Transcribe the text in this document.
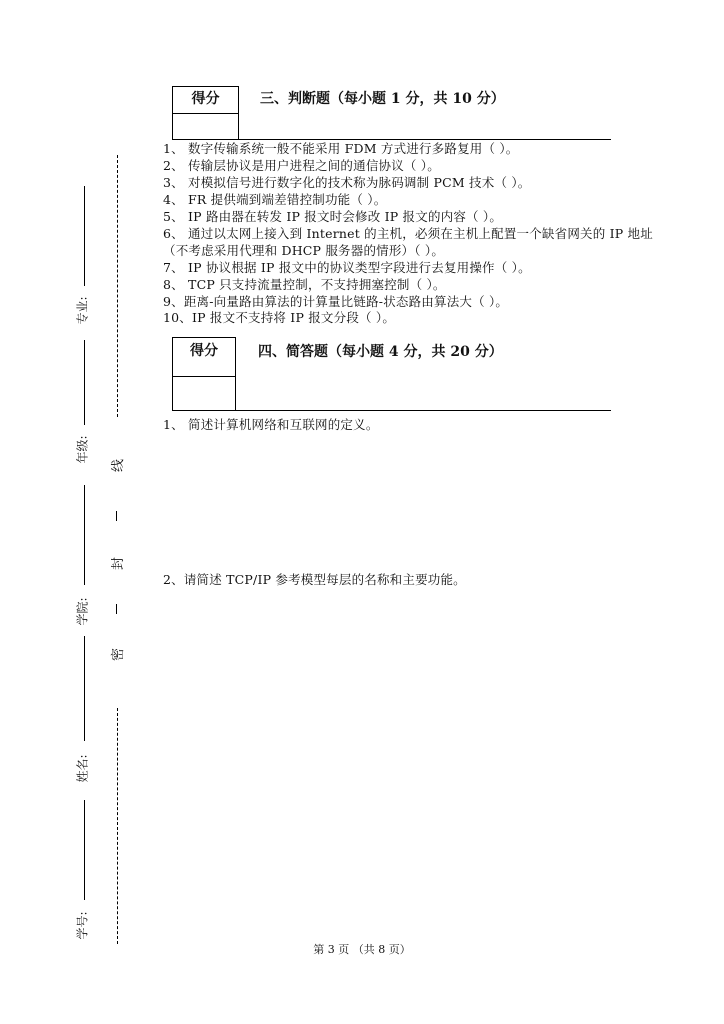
得分	三、判断题（每小题 1 分，共 10 分）
1、 数字传输系统一般不能采用 FDM 方式进行多路复用（ ）。
2、 传输层协议是用户进程之间的通信协议（ ）。
3、 对模拟信号进行数字化的技术称为脉码调制 PCM 技术（ ）。
4、 FR 提供端到端差错控制功能（ ）。
5、 IP 路由器在转发 IP 报文时会修改 IP 报文的内容（ ）。
6、 通过以太网上接入到 Internet 的主机，必须在主机上配置一个缺省网关的 IP 地址
（不考虑采用代理和 DHCP 服务器的情形）（ ）。
7、 IP 协议根据 IP 报文中的协议类型字段进行去复用操作（ ）。
8、 TCP 只支持流量控制，不支持拥塞控制（ ）。
9、距离-向量路由算法的计算量比链路-状态路由算法大（ ）。
10、IP 报文不支持将 IP 报文分段（ ）。
得分	四、简答题（每小题 4 分，共 20 分）
1、 简述计算机网络和互联网的定义。
2、请简述 TCP/IP 参考模型每层的名称和主要功能。
专业:
年级:
学院:
姓名:
学号:
线
封
密
第 3 页 （共 8 页）
